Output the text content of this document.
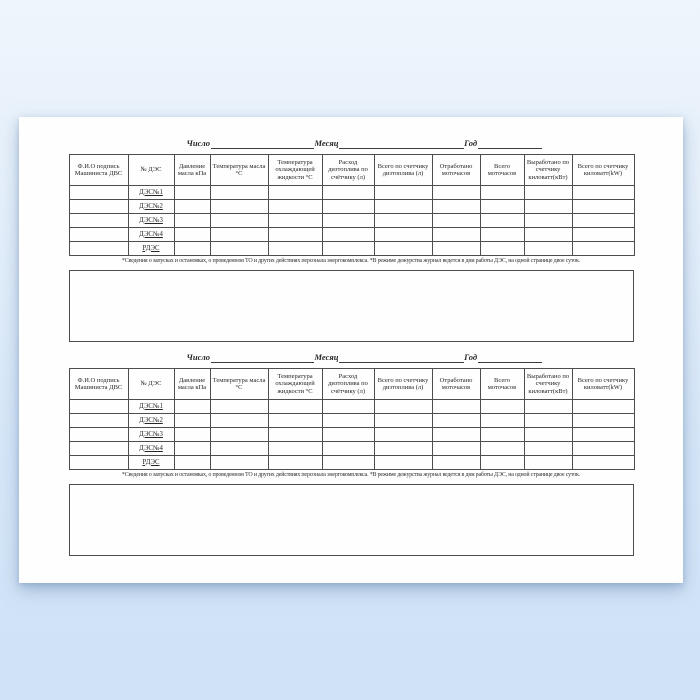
Число	Месяц	Год
Ф.И.О подпись Машиниста ДВС	№ ДЭС	Давление масла кПа	Температура масла °С	Температура охлаждающей жидкости °С	Расход дизтоплива по счётчику (л)	Всего по счетчику дизтоплива (л)	Отработано моточасов	Всего моточасов	Выработано по счетчику киловатт(кВт)	Всего по счетчику киловатт(kW)
	ДЭС№1									
	ДЭС№2									
	ДЭС№3									
	ДЭС№4									
	РДЭС									
*Сведения о запусках и остановках, о проведенном ТО и других действиях персонала энергокомплекса. *В режиме дежурства журнал ведется в дни работы ДЭС, на одной странице двое суток.
Число	Месяц	Год
Ф.И.О подпись Машиниста ДВС	№ ДЭС	Давление масла кПа	Температура масла °С	Температура охлаждающей жидкости °С	Расход дизтоплива по счётчику (л)	Всего по счетчику дизтоплива (л)	Отработано моточасов	Всего моточасов	Выработано по счетчику киловатт(кВт)	Всего по счетчику киловатт(kW)
	ДЭС№1									
	ДЭС№2									
	ДЭС№3									
	ДЭС№4									
	РДЭС									
*Сведения о запусках и остановках, о проведенном ТО и других действиях персонала энергокомплекса. *В режиме дежурства журнал ведется в дни работы ДЭС, на одной странице двое суток.
